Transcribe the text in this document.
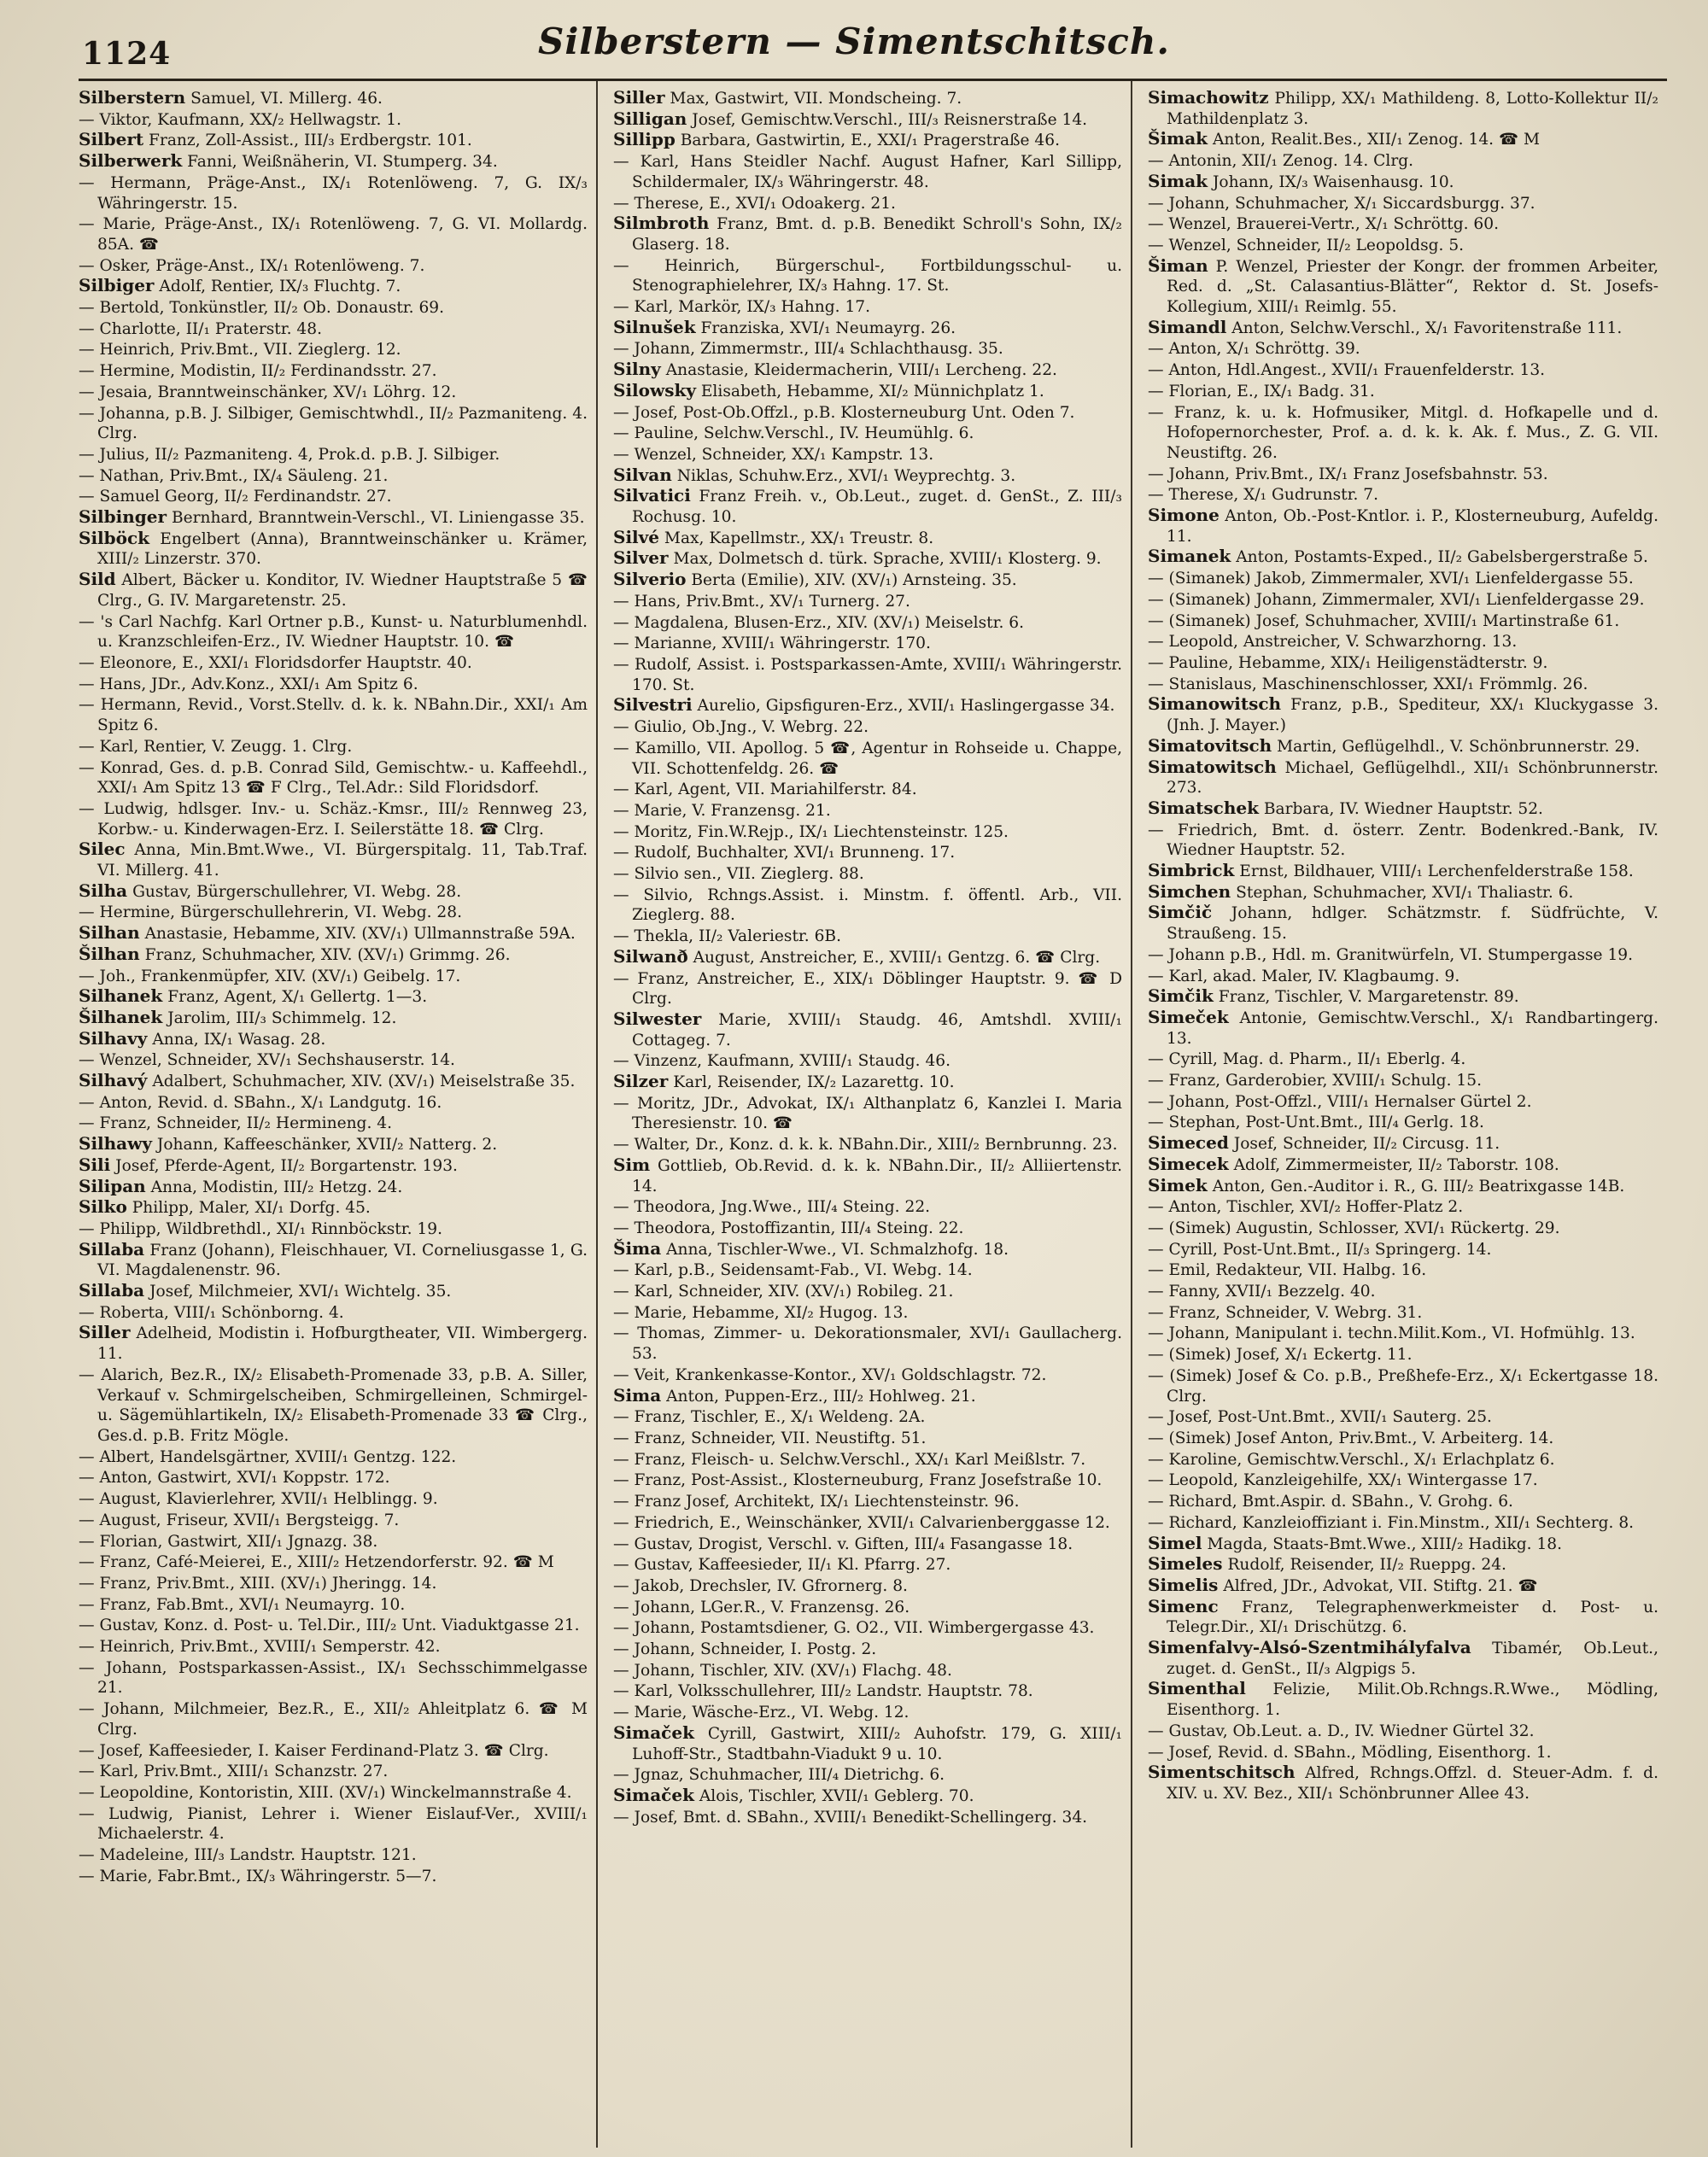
1124	Silberstern — Simentschitsch.
Silberstern Samuel, VI. Millerg. 46.
— Viktor, Kaufmann, XX/₂ Hellwagstr. 1.
Silbert Franz, Zoll-Assist., III/₃ Erdbergstr. 101.
Silberwerk Fanni, Weißnäherin, VI. Stumperg. 34.
— Hermann, Präge-Anst., IX/₁ Rotenlöweng. 7, G. IX/₃ Währingerstr. 15.
— Marie, Präge-Anst., IX/₁ Rotenlöweng. 7, G. VI. Mollardg. 85A. ☎
— Osker, Präge-Anst., IX/₁ Rotenlöweng. 7.
Silbiger Adolf, Rentier, IX/₃ Fluchtg. 7.
— Bertold, Tonkünstler, II/₂ Ob. Donaustr. 69.
— Charlotte, II/₁ Praterstr. 48.
— Heinrich, Priv.Bmt., VII. Zieglerg. 12.
— Hermine, Modistin, II/₂ Ferdinandsstr. 27.
— Jesaia, Branntweinschänker, XV/₁ Löhrg. 12.
— Johanna, p.B. J. Silbiger, Gemischtwhdl., II/₂ Pazmaniteng. 4. Clrg.
— Julius, II/₂ Pazmaniteng. 4, Prok.d. p.B. J. Silbiger.
— Nathan, Priv.Bmt., IX/₄ Säuleng. 21.
— Samuel Georg, II/₂ Ferdinandstr. 27.
Silbinger Bernhard, Branntwein-Verschl., VI. Liniengasse 35.
Silböck Engelbert (Anna), Branntweinschänker u. Krämer, XIII/₂ Linzerstr. 370.
Sild Albert, Bäcker u. Konditor, IV. Wiedner Hauptstraße 5 ☎ Clrg., G. IV. Margaretenstr. 25.
— 's Carl Nachfg. Karl Ortner p.B., Kunst- u. Naturblumenhdl. u. Kranzschleifen-Erz., IV. Wiedner Hauptstr. 10. ☎
— Eleonore, E., XXI/₁ Floridsdorfer Hauptstr. 40.
— Hans, JDr., Adv.Konz., XXI/₁ Am Spitz 6.
— Hermann, Revid., Vorst.Stellv. d. k. k. NBahn.Dir., XXI/₁ Am Spitz 6.
— Karl, Rentier, V. Zeugg. 1. Clrg.
— Konrad, Ges. d. p.B. Conrad Sild, Gemischtw.- u. Kaffeehdl., XXI/₁ Am Spitz 13 ☎ F Clrg., Tel.Adr.: Sild Floridsdorf.
— Ludwig, hdlsger. Inv.- u. Schäz.-Kmsr., III/₂ Rennweg 23, Korbw.- u. Kinderwagen-Erz. I. Seilerstätte 18. ☎ Clrg.
Silec Anna, Min.Bmt.Wwe., VI. Bürgerspitalg. 11, Tab.Traf. VI. Millerg. 41.
Silha Gustav, Bürgerschullehrer, VI. Webg. 28.
— Hermine, Bürgerschullehrerin, VI. Webg. 28.
Silhan Anastasie, Hebamme, XIV. (XV/₁) Ullmannstraße 59A.
Šilhan Franz, Schuhmacher, XIV. (XV/₁) Grimmg. 26.
— Joh., Frankenmüpfer, XIV. (XV/₁) Geibelg. 17.
Silhanek Franz, Agent, X/₁ Gellertg. 1—3.
Šilhanek Jarolim, III/₃ Schimmelg. 12.
Silhavy Anna, IX/₁ Wasag. 28.
— Wenzel, Schneider, XV/₁ Sechshauserstr. 14.
Silhavý Adalbert, Schuhmacher, XIV. (XV/₁) Meiselstraße 35.
— Anton, Revid. d. SBahn., X/₁ Landgutg. 16.
— Franz, Schneider, II/₂ Hermineng. 4.
Silhawy Johann, Kaffeeschänker, XVII/₂ Natterg. 2.
Sili Josef, Pferde-Agent, II/₂ Borgartenstr. 193.
Silipan Anna, Modistin, III/₂ Hetzg. 24.
Silko Philipp, Maler, XI/₁ Dorfg. 45.
— Philipp, Wildbrethdl., XI/₁ Rinnböckstr. 19.
Sillaba Franz (Johann), Fleischhauer, VI. Corneliusgasse 1, G. VI. Magdalenenstr. 96.
Sillaba Josef, Milchmeier, XVI/₁ Wichtelg. 35.
— Roberta, VIII/₁ Schönborng. 4.
Siller Adelheid, Modistin i. Hofburgtheater, VII. Wimbergerg. 11.
— Alarich, Bez.R., IX/₂ Elisabeth-Promenade 33, p.B. A. Siller, Verkauf v. Schmirgelscheiben, Schmirgelleinen, Schmirgel- u. Sägemühlartikeln, IX/₂ Elisabeth-Promenade 33 ☎ Clrg., Ges.d. p.B. Fritz Mögle.
— Albert, Handelsgärtner, XVIII/₁ Gentzg. 122.
— Anton, Gastwirt, XVI/₁ Koppstr. 172.
— August, Klavierlehrer, XVII/₁ Helblingg. 9.
— August, Friseur, XVII/₁ Bergsteigg. 7.
— Florian, Gastwirt, XII/₁ Jgnazg. 38.
— Franz, Café-Meierei, E., XIII/₂ Hetzendorferstr. 92. ☎ M
— Franz, Priv.Bmt., XIII. (XV/₁) Jheringg. 14.
— Franz, Fab.Bmt., XVI/₁ Neumayrg. 10.
— Gustav, Konz. d. Post- u. Tel.Dir., III/₂ Unt. Viaduktgasse 21.
— Heinrich, Priv.Bmt., XVIII/₁ Semperstr. 42.
— Johann, Postsparkassen-Assist., IX/₁ Sechsschimmelgasse 21.
— Johann, Milchmeier, Bez.R., E., XII/₂ Ahleitplatz 6. ☎ M Clrg.
— Josef, Kaffeesieder, I. Kaiser Ferdinand-Platz 3. ☎ Clrg.
— Karl, Priv.Bmt., XIII/₁ Schanzstr. 27.
— Leopoldine, Kontoristin, XIII. (XV/₁) Winckelmannstraße 4.
— Ludwig, Pianist, Lehrer i. Wiener Eislauf-Ver., XVIII/₁ Michaelerstr. 4.
— Madeleine, III/₃ Landstr. Hauptstr. 121.
— Marie, Fabr.Bmt., IX/₃ Währingerstr. 5—7.
Siller Max, Gastwirt, VII. Mondscheing. 7.
Silligan Josef, Gemischtw.Verschl., III/₃ Reisnerstraße 14.
Sillipp Barbara, Gastwirtin, E., XXI/₁ Pragerstraße 46.
— Karl, Hans Steidler Nachf. August Hafner, Karl Sillipp, Schildermaler, IX/₃ Währingerstr. 48.
— Therese, E., XVI/₁ Odoakerg. 21.
Silmbroth Franz, Bmt. d. p.B. Benedikt Schroll's Sohn, IX/₂ Glaserg. 18.
— Heinrich, Bürgerschul-, Fortbildungsschul- u. Stenographielehrer, IX/₃ Hahng. 17. St.
— Karl, Markör, IX/₃ Hahng. 17.
Silnušek Franziska, XVI/₁ Neumayrg. 26.
— Johann, Zimmermstr., III/₄ Schlachthausg. 35.
Silny Anastasie, Kleidermacherin, VIII/₁ Lercheng. 22.
Silowsky Elisabeth, Hebamme, XI/₂ Münnichplatz 1.
— Josef, Post-Ob.Offzl., p.B. Klosterneuburg Unt. Oden 7.
— Pauline, Selchw.Verschl., IV. Heumühlg. 6.
— Wenzel, Schneider, XX/₁ Kampstr. 13.
Silvan Niklas, Schuhw.Erz., XVI/₁ Weyprechtg. 3.
Silvatici Franz Freih. v., Ob.Leut., zuget. d. GenSt., Z. III/₃ Rochusg. 10.
Silvé Max, Kapellmstr., XX/₁ Treustr. 8.
Silver Max, Dolmetsch d. türk. Sprache, XVIII/₁ Klosterg. 9.
Silverio Berta (Emilie), XIV. (XV/₁) Arnsteing. 35.
— Hans, Priv.Bmt., XV/₁ Turnerg. 27.
— Magdalena, Blusen-Erz., XIV. (XV/₁) Meiselstr. 6.
— Marianne, XVIII/₁ Währingerstr. 170.
— Rudolf, Assist. i. Postsparkassen-Amte, XVIII/₁ Währingerstr. 170. St.
Silvestri Aurelio, Gipsfiguren-Erz., XVII/₁ Haslingergasse 34.
— Giulio, Ob.Jng., V. Webrg. 22.
— Kamillo, VII. Apollog. 5 ☎, Agentur in Rohseide u. Chappe, VII. Schottenfeldg. 26. ☎
— Karl, Agent, VII. Mariahilferstr. 84.
— Marie, V. Franzensg. 21.
— Moritz, Fin.W.Rejp., IX/₁ Liechtensteinstr. 125.
— Rudolf, Buchhalter, XVI/₁ Brunneng. 17.
— Silvio sen., VII. Zieglerg. 88.
— Silvio, Rchngs.Assist. i. Minstm. f. öffentl. Arb., VII. Zieglerg. 88.
— Thekla, II/₂ Valeriestr. 6B.
Silwanð August, Anstreicher, E., XVIII/₁ Gentzg. 6. ☎ Clrg.
— Franz, Anstreicher, E., XIX/₁ Döblinger Hauptstr. 9. ☎ D Clrg.
Silwester Marie, XVIII/₁ Staudg. 46, Amtshdl. XVIII/₁ Cottageg. 7.
— Vinzenz, Kaufmann, XVIII/₁ Staudg. 46.
Silzer Karl, Reisender, IX/₂ Lazarettg. 10.
— Moritz, JDr., Advokat, IX/₁ Althanplatz 6, Kanzlei I. Maria Theresienstr. 10. ☎
— Walter, Dr., Konz. d. k. k. NBahn.Dir., XIII/₂ Bernbrunng. 23.
Sim Gottlieb, Ob.Revid. d. k. k. NBahn.Dir., II/₂ Alliiertenstr. 14.
— Theodora, Jng.Wwe., III/₄ Steing. 22.
— Theodora, Postoffizantin, III/₄ Steing. 22.
Šima Anna, Tischler-Wwe., VI. Schmalzhofg. 18.
— Karl, p.B., Seidensamt-Fab., VI. Webg. 14.
— Karl, Schneider, XIV. (XV/₁) Robileg. 21.
— Marie, Hebamme, XI/₂ Hugog. 13.
— Thomas, Zimmer- u. Dekorationsmaler, XVI/₁ Gaullacherg. 53.
— Veit, Krankenkasse-Kontor., XV/₁ Goldschlagstr. 72.
Sima Anton, Puppen-Erz., III/₂ Hohlweg. 21.
— Franz, Tischler, E., X/₁ Weldeng. 2A.
— Franz, Schneider, VII. Neustiftg. 51.
— Franz, Fleisch- u. Selchw.Verschl., XX/₁ Karl Meißlstr. 7.
— Franz, Post-Assist., Klosterneuburg, Franz Josefstraße 10.
— Franz Josef, Architekt, IX/₁ Liechtensteinstr. 96.
— Friedrich, E., Weinschänker, XVII/₁ Calvarienberggasse 12.
— Gustav, Drogist, Verschl. v. Giften, III/₄ Fasangasse 18.
— Gustav, Kaffeesieder, II/₁ Kl. Pfarrg. 27.
— Jakob, Drechsler, IV. Gfrornerg. 8.
— Johann, LGer.R., V. Franzensg. 26.
— Johann, Postamtsdiener, G. O2., VII. Wimbergergasse 43.
— Johann, Schneider, I. Postg. 2.
— Johann, Tischler, XIV. (XV/₁) Flachg. 48.
— Karl, Volksschullehrer, III/₂ Landstr. Hauptstr. 78.
— Marie, Wäsche-Erz., VI. Webg. 12.
Simaček Cyrill, Gastwirt, XIII/₂ Auhofstr. 179, G. XIII/₁ Luhoff-Str., Stadtbahn-Viadukt 9 u. 10.
— Jgnaz, Schuhmacher, III/₄ Dietrichg. 6.
Simaček Alois, Tischler, XVII/₁ Geblerg. 70.
— Josef, Bmt. d. SBahn., XVIII/₁ Benedikt-Schellingerg. 34.
Simachowitz Philipp, XX/₁ Mathildeng. 8, Lotto-Kollektur II/₂ Mathildenplatz 3.
Šimak Anton, Realit.Bes., XII/₁ Zenog. 14. ☎ M
— Antonin, XII/₁ Zenog. 14. Clrg.
Simak Johann, IX/₃ Waisenhausg. 10.
— Johann, Schuhmacher, X/₁ Siccardsburgg. 37.
— Wenzel, Brauerei-Vertr., X/₁ Schröttg. 60.
— Wenzel, Schneider, II/₂ Leopoldsg. 5.
Šiman P. Wenzel, Priester der Kongr. der frommen Arbeiter, Red. d. „St. Calasantius-Blätter“, Rektor d. St. Josefs-Kollegium, XIII/₁ Reimlg. 55.
Simandl Anton, Selchw.Verschl., X/₁ Favoritenstraße 111.
— Anton, X/₁ Schröttg. 39.
— Anton, Hdl.Angest., XVII/₁ Frauenfelderstr. 13.
— Florian, E., IX/₁ Badg. 31.
— Franz, k. u. k. Hofmusiker, Mitgl. d. Hofkapelle und d. Hofopernorchester, Prof. a. d. k. k. Ak. f. Mus., Z. G. VII. Neustiftg. 26.
— Johann, Priv.Bmt., IX/₁ Franz Josefsbahnstr. 53.
— Therese, X/₁ Gudrunstr. 7.
Simone Anton, Ob.-Post-Kntlor. i. P., Klosterneuburg, Aufeldg. 11.
Simanek Anton, Postamts-Exped., II/₂ Gabelsbergerstraße 5.
— (Simanek) Jakob, Zimmermaler, XVI/₁ Lienfeldergasse 55.
— (Simanek) Johann, Zimmermaler, XVI/₁ Lienfeldergasse 29.
— (Simanek) Josef, Schuhmacher, XVIII/₁ Martinstraße 61.
— Leopold, Anstreicher, V. Schwarzhorng. 13.
— Pauline, Hebamme, XIX/₁ Heiligenstädterstr. 9.
— Stanislaus, Maschinenschlosser, XXI/₁ Frömmlg. 26.
Simanowitsch Franz, p.B., Spediteur, XX/₁ Kluckygasse 3. (Jnh. J. Mayer.)
Simatovitsch Martin, Geflügelhdl., V. Schönbrunnerstr. 29.
Simatowitsch Michael, Geflügelhdl., XII/₁ Schönbrunnerstr. 273.
Simatschek Barbara, IV. Wiedner Hauptstr. 52.
— Friedrich, Bmt. d. österr. Zentr. Bodenkred.-Bank, IV. Wiedner Hauptstr. 52.
Simbrick Ernst, Bildhauer, VIII/₁ Lerchenfelderstraße 158.
Simchen Stephan, Schuhmacher, XVI/₁ Thaliastr. 6.
Simčič Johann, hdlger. Schätzmstr. f. Südfrüchte, V. Straußeng. 15.
— Johann p.B., Hdl. m. Granitwürfeln, VI. Stumpergasse 19.
— Karl, akad. Maler, IV. Klagbaumg. 9.
Simčik Franz, Tischler, V. Margaretenstr. 89.
Simeček Antonie, Gemischtw.Verschl., X/₁ Randbartingerg. 13.
— Cyrill, Mag. d. Pharm., II/₁ Eberlg. 4.
— Franz, Garderobier, XVIII/₁ Schulg. 15.
— Johann, Post-Offzl., VIII/₁ Hernalser Gürtel 2.
— Stephan, Post-Unt.Bmt., III/₄ Gerlg. 18.
Simeced Josef, Schneider, II/₂ Circusg. 11.
Simecek Adolf, Zimmermeister, II/₂ Taborstr. 108.
Simek Anton, Gen.-Auditor i. R., G. III/₂ Beatrixgasse 14B.
— Anton, Tischler, XVI/₂ Hoffer-Platz 2.
— (Simek) Augustin, Schlosser, XVI/₁ Rückertg. 29.
— Cyrill, Post-Unt.Bmt., II/₃ Springerg. 14.
— Emil, Redakteur, VII. Halbg. 16.
— Fanny, XVII/₁ Bezzelg. 40.
— Franz, Schneider, V. Webrg. 31.
— Johann, Manipulant i. techn.Milit.Kom., VI. Hofmühlg. 13.
— (Simek) Josef, X/₁ Eckertg. 11.
— (Simek) Josef & Co. p.B., Preßhefe-Erz., X/₁ Eckertgasse 18. Clrg.
— Josef, Post-Unt.Bmt., XVII/₁ Sauterg. 25.
— (Simek) Josef Anton, Priv.Bmt., V. Arbeiterg. 14.
— Karoline, Gemischtw.Verschl., X/₁ Erlachplatz 6.
— Leopold, Kanzleigehilfe, XX/₁ Wintergasse 17.
— Richard, Bmt.Aspir. d. SBahn., V. Grohg. 6.
— Richard, Kanzleioffiziant i. Fin.Minstm., XII/₁ Sechterg. 8.
Simel Magda, Staats-Bmt.Wwe., XIII/₂ Hadikg. 18.
Simeles Rudolf, Reisender, II/₂ Rueppg. 24.
Simelis Alfred, JDr., Advokat, VII. Stiftg. 21. ☎
Simenc Franz, Telegraphenwerkmeister d. Post- u. Telegr.Dir., XI/₁ Drischützg. 6.
Simenfalvy-Alsó-Szentmihályfalva Tibamér, Ob.Leut., zuget. d. GenSt., II/₃ Algpigs 5.
Simenthal Felizie, Milit.Ob.Rchngs.R.Wwe., Mödling, Eisenthorg. 1.
— Gustav, Ob.Leut. a. D., IV. Wiedner Gürtel 32.
— Josef, Revid. d. SBahn., Mödling, Eisenthorg. 1.
Simentschitsch Alfred, Rchngs.Offzl. d. Steuer-Adm. f. d. XIV. u. XV. Bez., XII/₁ Schönbrunner Allee 43.
